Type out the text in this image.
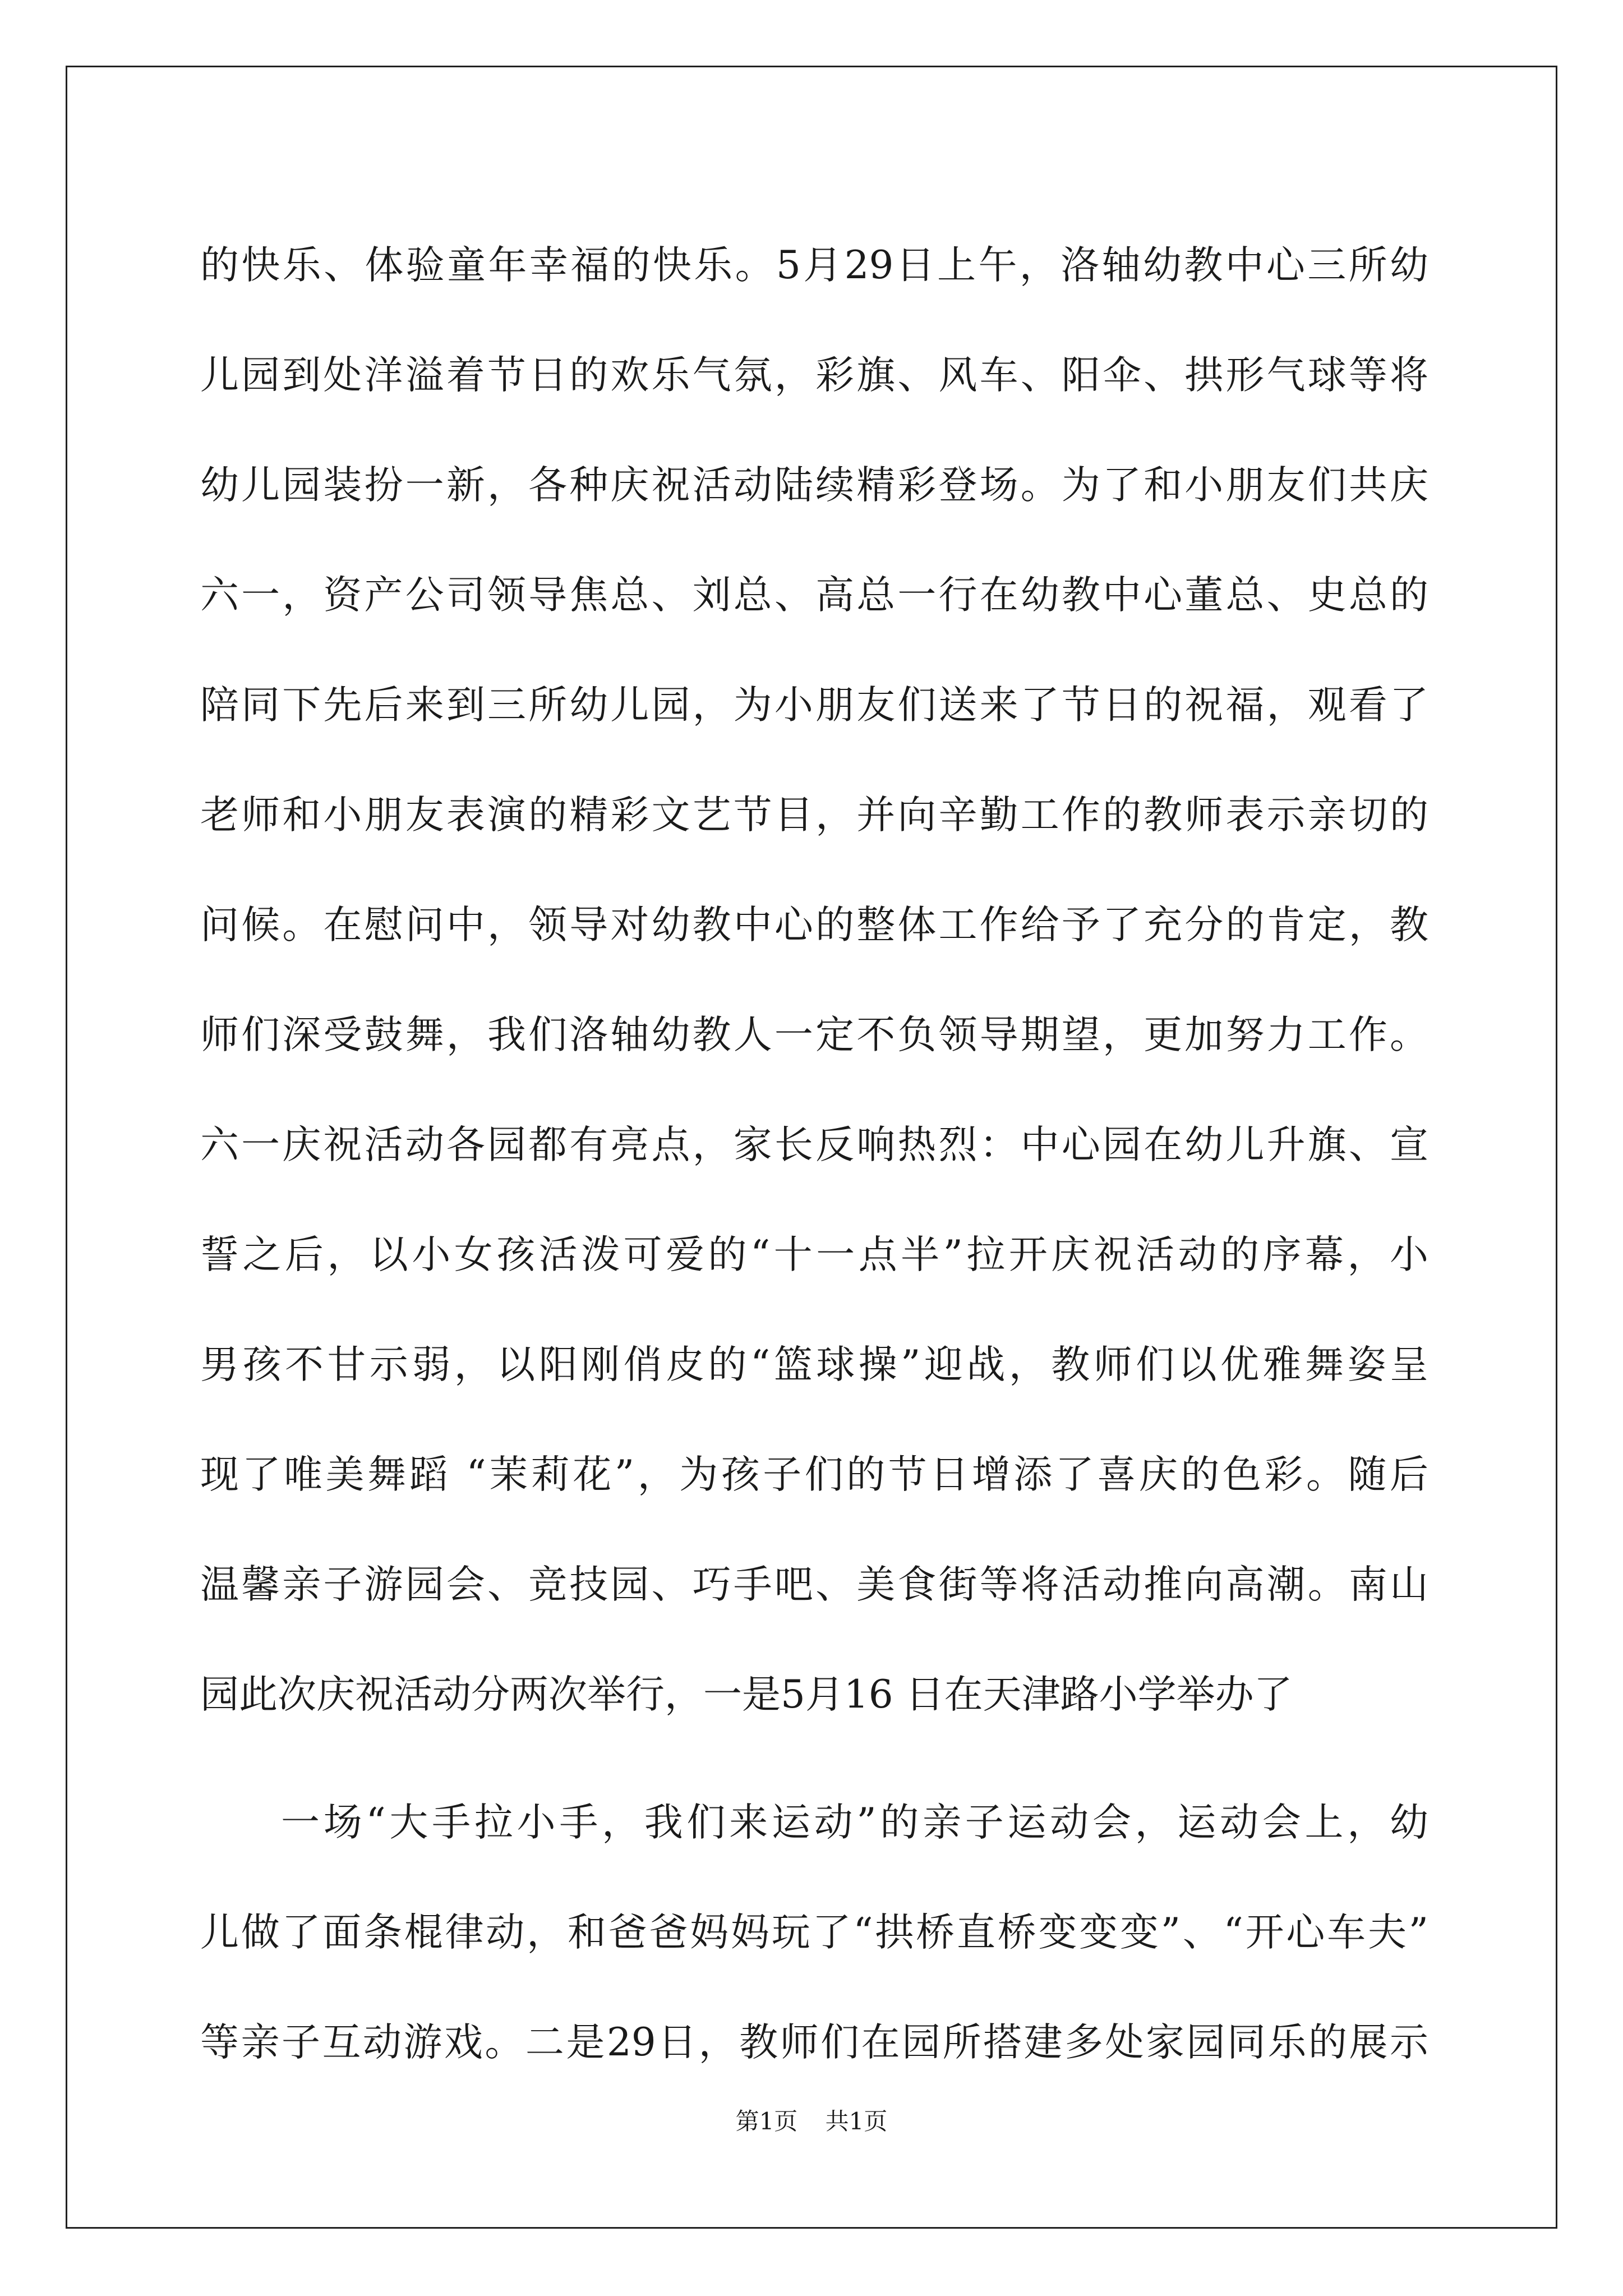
的快乐、体验童年幸福的快乐。5月29日上午，洛轴幼教中心三所幼
儿园到处洋溢着节日的欢乐气氛，彩旗、风车、阳伞、拱形气球等将
幼儿园装扮一新，各种庆祝活动陆续精彩登场。为了和小朋友们共庆
六一，资产公司领导焦总、刘总、高总一行在幼教中心董总、史总的
陪同下先后来到三所幼儿园，为小朋友们送来了节日的祝福，观看了
老师和小朋友表演的精彩文艺节目，并向辛勤工作的教师表示亲切的
问候。在慰问中，领导对幼教中心的整体工作给予了充分的肯定，教
师们深受鼓舞，我们洛轴幼教人一定不负领导期望，更加努力工作。
六一庆祝活动各园都有亮点，家长反响热烈：中心园在幼儿升旗、宣
誓之后，以小女孩活泼可爱的“十一点半”拉开庆祝活动的序幕，小
男孩不甘示弱，以阳刚俏皮的“篮球操”迎战，教师们以优雅舞姿呈
现了唯美舞蹈 “茉莉花”，为孩子们的节日增添了喜庆的色彩。随后
温馨亲子游园会、竞技园、巧手吧、美食街等将活动推向高潮。南山
园此次庆祝活动分两次举行，一是5月16 日在天津路小学举办了
一场“大手拉小手，我们来运动”的亲子运动会，运动会上，幼
儿做了面条棍律动，和爸爸妈妈玩了“拱桥直桥变变变”、“开心车夫”
等亲子互动游戏。二是29日，教师们在园所搭建多处家园同乐的展示
第1页 共1页
